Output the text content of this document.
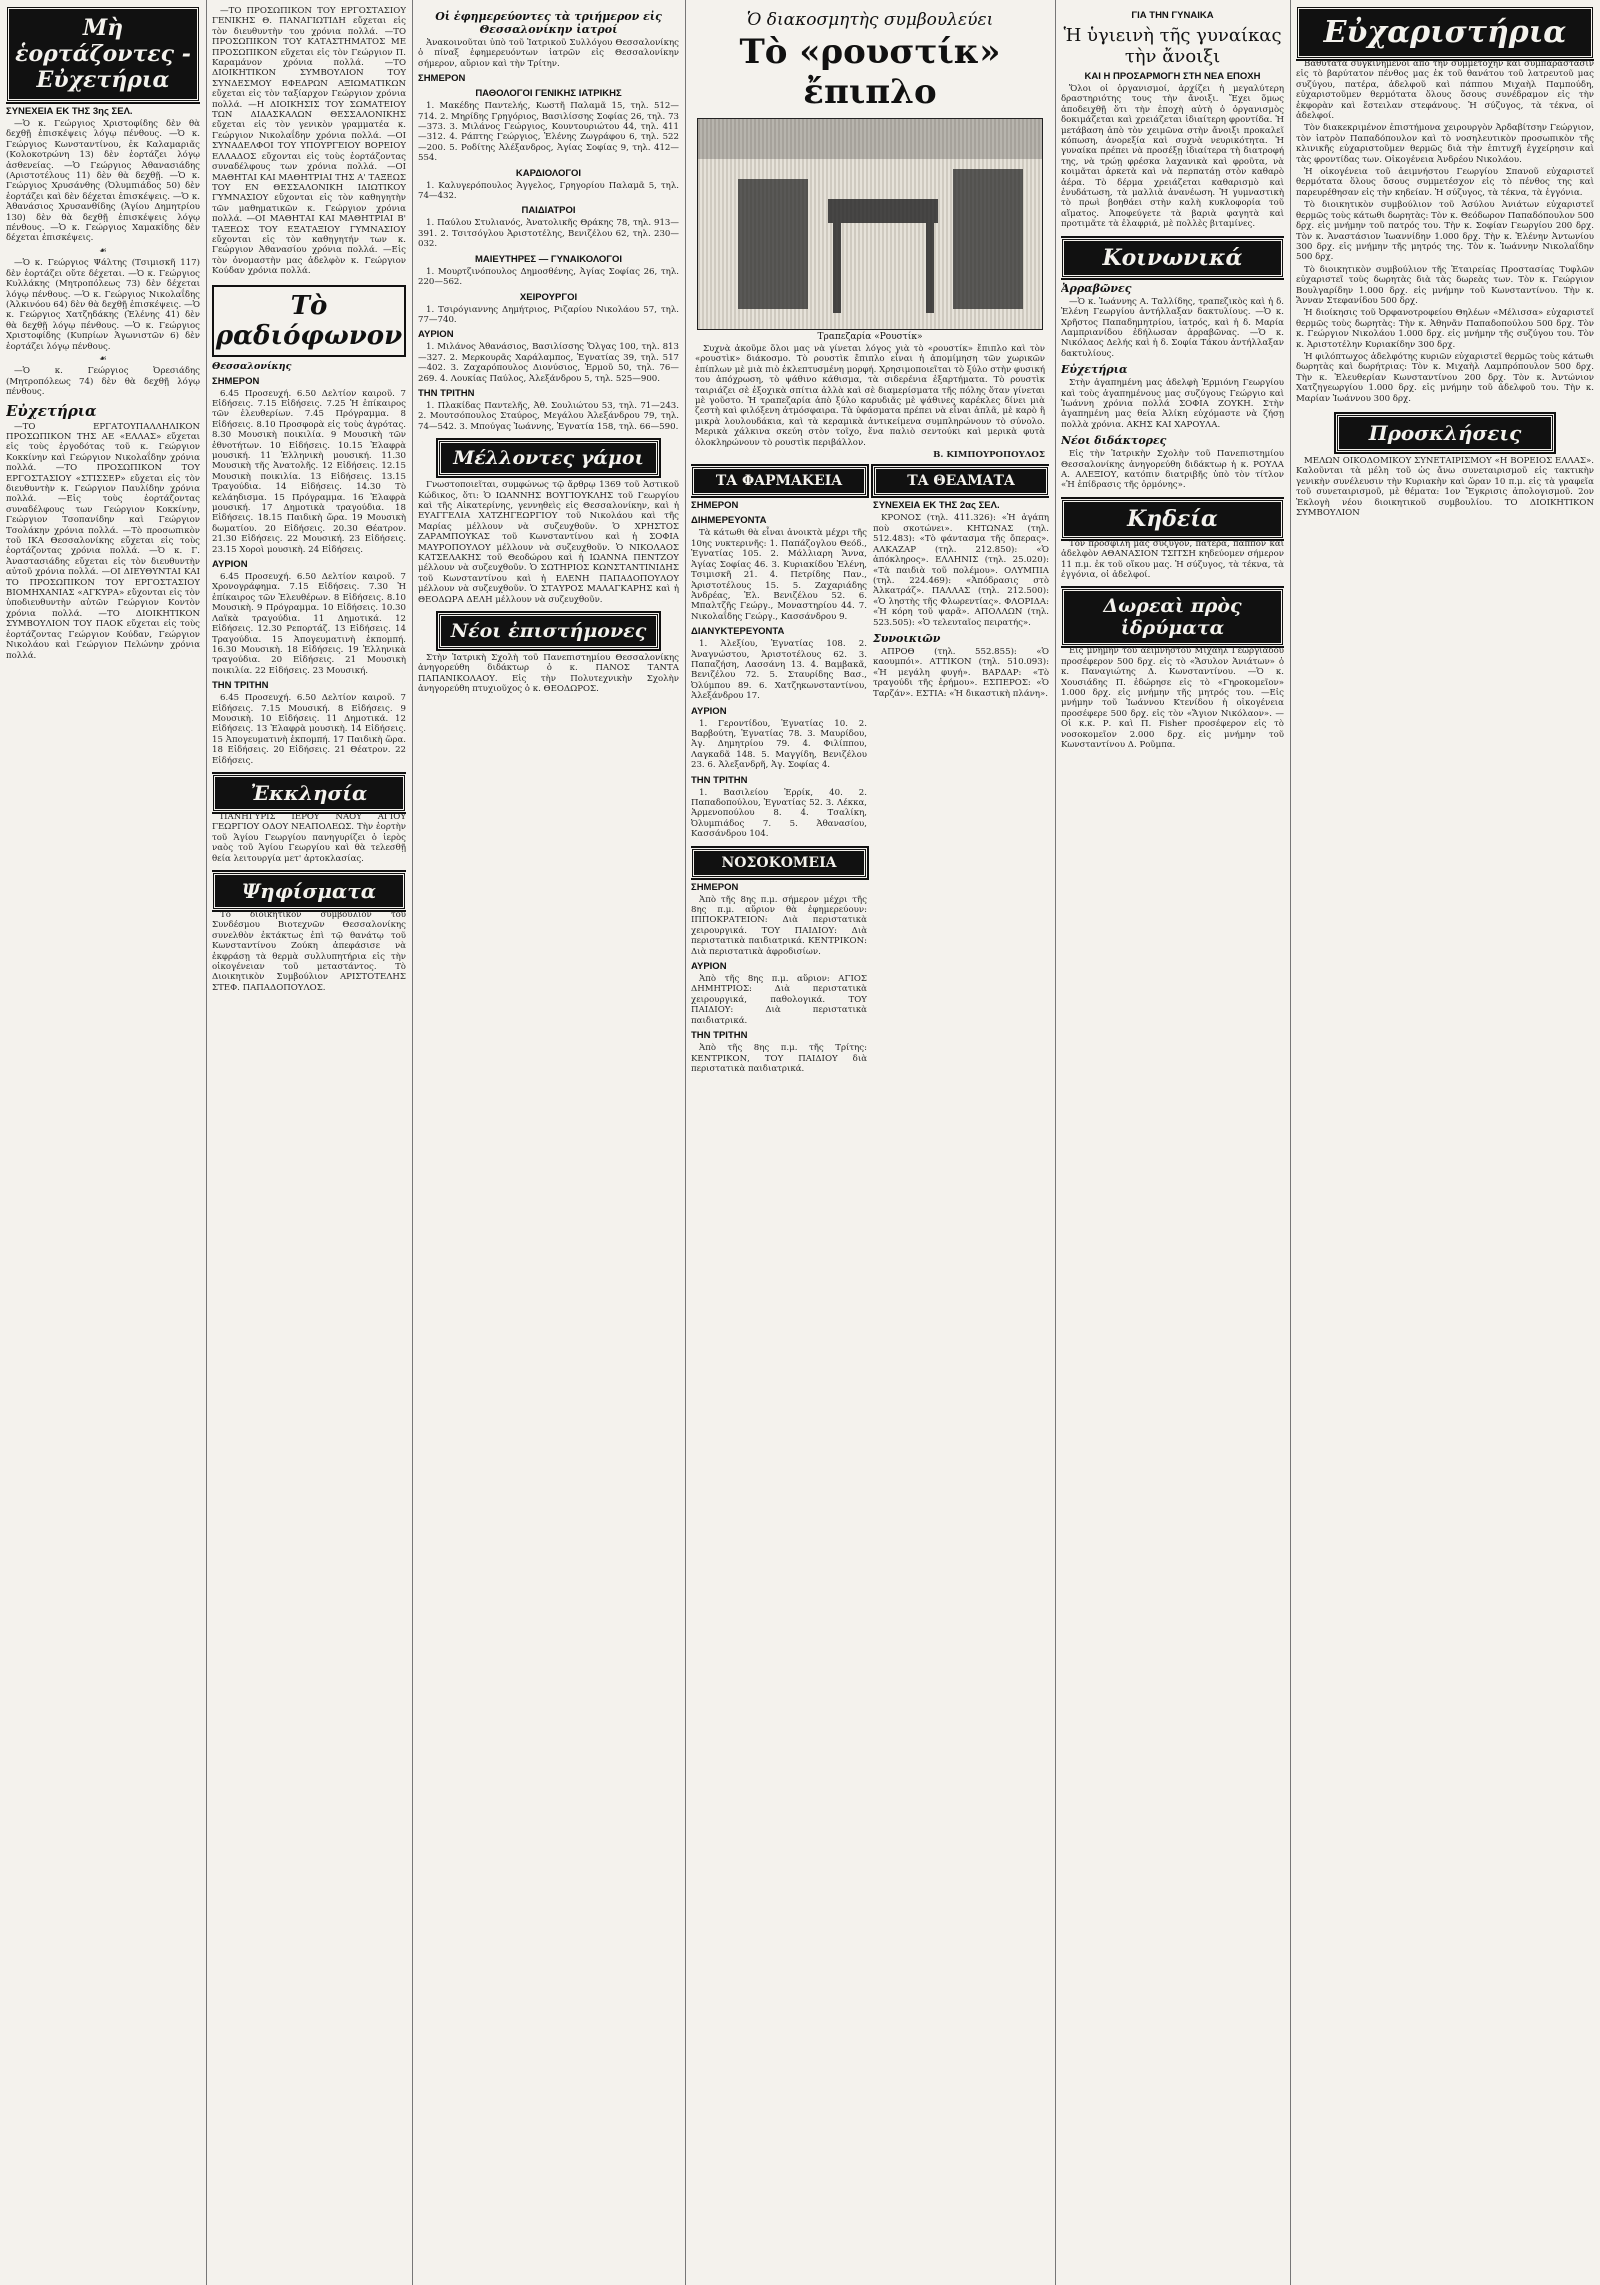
Μὴ ἑορτάζοντες - Εὐχετήρια
ΣΥΝΕΧΕΙΑ ΕΚ ΤΗΣ 3ης ΣΕΛ.

—Ὁ κ. Γεώργιος Χριστοφίδης δὲν θὰ δεχθῇ ἐπισκέψεις λόγῳ πένθους. —Ὁ κ. Γεώργιος Κωνσταντίνου, ἐκ Καλαμαριᾶς (Κολοκοτρώνη 13) δὲν ἑορτάζει λόγῳ ἀσθενείας. —Ὁ Γεώργιος Ἀθανασιάδης (Αριστοτέλους 11) δὲν θὰ δεχθῇ. —Ὁ κ. Γεώργιος Χρυσάνθης (Ὀλυμπιάδος 50) δὲν ἑορτάζει καὶ δὲν δέχεται ἐπισκέψεις. —Ὁ κ. Ἀθανάσιος Χρυσανθίδης (Ἀγίου Δημητρίου 130) δὲν θὰ δεχθῇ ἐπισκέψεις λόγῳ πένθους. —Ὁ κ. Γεώργιος Χαμακίδης δὲν δέχεται ἐπισκέψεις.

☙

—Ὁ κ. Γεώργιος Ψάλτης (Τσιμισκῆ 117) δὲν ἑορτάζει οὔτε δέχεται. —Ὁ κ. Γεώργιος Κυλλάκης (Μητροπόλεως 73) δὲν δέχεται λόγῳ πένθους. —Ὁ κ. Γεώργιος Νικολαΐδης (Ἀλκινόου 64) δὲν θὰ δεχθῇ ἐπισκέψεις. —Ὁ κ. Γεώργιος Χατζηδάκης (Ἑλένης 41) δὲν θὰ δεχθῇ λόγῳ πένθους. —Ὁ κ. Γεώργιος Χριστοφίδης (Κυπρίων Ἀγωνιστῶν 6) δὲν ἑορτάζει λόγῳ πένθους.

☙

—Ὁ κ. Γεώργιος Ὀρεσιάδης (Μητροπόλεως 74) δὲν θὰ δεχθῇ λόγῳ πένθους.

Εὐχετήρια

—ΤΟ ΕΡΓΑΤΟΥΠΑΛΛΗΛΙΚΟΝ ΠΡΟΣΩΠΙΚΟΝ ΤΗΣ ΑΕ «ΕΛΛΑΣ» εὔχεται εἰς τοὺς ἐργοδότας τοῦ κ. Γεώργιον Κοκκίνην καὶ Γεώργιον Νικολαΐδην χρόνια πολλά. —ΤΟ ΠΡΟΣΩΠΙΚΟΝ ΤΟΥ ΕΡΓΟΣΤΑΣΙΟΥ «ΣΤΙΣΣΕΡ» εὔχεται εἰς τὸν διευθυντὴν κ. Γεώργιον Παυλίδην χρόνια πολλά. —Εἰς τοὺς ἑορτάζοντας συναδέλφους των Γεώργιον Κοκκίνην, Γεώργιον Τσοπανίδην καὶ Γεώργιον Τσολάκην χρόνια πολλά. —Τὸ προσωπικὸν τοῦ ΙΚΑ Θεσσαλονίκης εὔχεται εἰς τοὺς ἑορτάζοντας χρόνια πολλά. —Ὁ κ. Γ. Ἀναστασιάδης εὔχεται εἰς τὸν διευθυντὴν αὐτοῦ χρόνια πολλά. —ΟΙ ΔΙΕΥΘΥΝΤΑΙ ΚΑΙ ΤΟ ΠΡΟΣΩΠΙΚΟΝ ΤΟΥ ΕΡΓΟΣΤΑΣΙΟΥ ΒΙΟΜΗΧΑΝΙΑΣ «ΑΓΚΥΡΑ» εὔχονται εἰς τὸν ὑποδιευθυντὴν αὐτῶν Γεώργιον Κοντὸν χρόνια πολλά. —ΤΟ ΔΙΟΙΚΗΤΙΚΟΝ ΣΥΜΒΟΥΛΙΟΝ ΤΟΥ ΠΑΟΚ εὔχεται εἰς τοὺς ἑορτάζοντας Γεώργιον Κούδαν, Γεώργιον Νικολάου καὶ Γεώργιον Πελώνην χρόνια πολλά.

—ΤΟ ΠΡΟΣΩΠΙΚΟΝ ΤΟΥ ΕΡΓΟΣΤΑΣΙΟΥ ΓΕΝΙΚΗΣ Θ. ΠΑΝΑΓΙΩΤΙΔΗ εὔχεται εἰς τὸν διευθυντὴν του χρόνια πολλά. —ΤΟ ΠΡΟΣΩΠΙΚΟΝ ΤΟΥ ΚΑΤΑΣΤΗΜΑΤΟΣ ΜΕ ΠΡΟΣΩΠΙΚΟΝ εὔχεται εἰς τὸν Γεώργιον Π. Καραμάνον χρόνια πολλά. —ΤΟ ΔΙΟΙΚΗΤΙΚΟΝ ΣΥΜΒΟΥΛΙΟΝ ΤΟΥ ΣΥΝΔΕΣΜΟΥ ΕΦΕΔΡΩΝ ΑΞΙΩΜΑΤΙΚΩΝ εὔχεται εἰς τὸν ταξίαρχον Γεώργιον χρόνια πολλά. —Η ΔΙΟΙΚΗΣΙΣ ΤΟΥ ΣΩΜΑΤΕΙΟΥ ΤΩΝ ΔΙΔΑΣΚΑΛΩΝ ΘΕΣΣΑΛΟΝΙΚΗΣ εὔχεται εἰς τὸν γενικὸν γραμματέα κ. Γεώργιον Νικολαΐδην χρόνια πολλά. —ΟΙ ΣΥΝΑΔΕΛΦΟΙ ΤΟΥ ΥΠΟΥΡΓΕΙΟΥ ΒΟΡΕΙΟΥ ΕΛΛΑΔΟΣ εὔχονται εἰς τοὺς ἑορτάζοντας συναδέλφους των χρόνια πολλά. —ΟΙ ΜΑΘΗΤΑΙ ΚΑΙ ΜΑΘΗΤΡΙΑΙ ΤΗΣ Α' ΤΑΞΕΩΣ ΤΟΥ ΕΝ ΘΕΣΣΑΛΟΝΙΚΗ ΙΔΙΩΤΙΚΟΥ ΓΥΜΝΑΣΙΟΥ εὔχονται εἰς τὸν καθηγητὴν τῶν μαθηματικῶν κ. Γεώργιον χρόνια πολλά. —ΟΙ ΜΑΘΗΤΑΙ ΚΑΙ ΜΑΘΗΤΡΙΑΙ Β' ΤΑΞΕΩΣ ΤΟΥ ΕΞΑΤΑΞΙΟΥ ΓΥΜΝΑΣΙΟΥ εὔχονται εἰς τὸν καθηγητήν των κ. Γεώργιον Ἀθανασίου χρόνια πολλά. —Εἰς τὸν ὀνομαστὴν μας ἀδελφὸν κ. Γεώργιον Κούδαν χρόνια πολλά.

Τὸ ραδιόφωνον
Θεσσαλονίκης
ΣΗΜΕΡΟΝ

6.45 Προσευχή. 6.50 Δελτίον καιροῦ. 7 Εἰδήσεις. 7.15 Εἰδήσεις. 7.25 Ἡ ἐπίκαιρος τῶν ἐλευθερίων. 7.45 Πρόγραμμα. 8 Εἰδήσεις. 8.10 Προσφορὰ εἰς τοὺς ἀγρότας. 8.30 Μουσικὴ ποικιλία. 9 Μουσικὴ τῶν ἐθνοτήτων. 10 Εἰδήσεις. 10.15 Ἐλαφρὰ μουσική. 11 Ἑλληνικὴ μουσική. 11.30 Μουσικὴ τῆς Ἀνατολῆς. 12 Εἰδήσεις. 12.15 Μουσικὴ ποικιλία. 13 Εἰδήσεις. 13.15 Τραγούδια. 14 Εἰδήσεις. 14.30 Τὸ κελάηδισμα. 15 Πρόγραμμα. 16 Ἐλαφρὰ μουσική. 17 Δημοτικὰ τραγούδια. 18 Εἰδήσεις. 18.15 Παιδικὴ ὥρα. 19 Μουσικὴ δωματίου. 20 Εἰδήσεις. 20.30 Θέατρον. 21.30 Εἰδήσεις. 22 Μουσική. 23 Εἰδήσεις. 23.15 Χοροὶ μουσικὴ. 24 Εἰδήσεις.

ΑΥΡΙΟΝ

6.45 Προσευχή. 6.50 Δελτίον καιροῦ. 7 Χρονογράφημα. 7.15 Εἰδήσεις. 7.30 Ἡ ἐπίκαιρος τῶν Ἐλευθέρων. 8 Εἰδήσεις. 8.10 Μουσικὴ. 9 Πρόγραμμα. 10 Εἰδήσεις. 10.30 Λαϊκὰ τραγούδια. 11 Δημοτικά. 12 Εἰδήσεις. 12.30 Ρεπορτάζ. 13 Εἰδήσεις. 14 Τραγούδια. 15 Ἀπογευματινὴ ἐκπομπή. 16.30 Μουσικὴ. 18 Εἰδήσεις. 19 Ἑλληνικὰ τραγούδια. 20 Εἰδήσεις. 21 Μουσικὴ ποικιλία. 22 Εἰδήσεις. 23 Μουσική.

ΤΗΝ ΤΡΙΤΗΝ

6.45 Προσευχή. 6.50 Δελτίον καιροῦ. 7 Εἰδήσεις. 7.15 Μουσική. 8 Εἰδήσεις. 9 Μουσικὴ. 10 Εἰδήσεις. 11 Δημοτικά. 12 Εἰδήσεις. 13 Ἐλαφρὰ μουσικὴ. 14 Εἰδήσεις. 15 Ἀπογευματινὴ ἐκπομπή. 17 Παιδικὴ ὥρα. 18 Εἰδήσεις. 20 Εἰδήσεις. 21 Θέατρον. 22 Εἰδήσεις.

Ἐκκλησία

ΠΑΝΗΓΥΡΙΣ ΙΕΡΟΥ ΝΑΟΥ ΑΓΙΟΥ ΓΕΩΡΓΙΟΥ ΟΔΟΥ ΝΕΑΠΟΛΕΩΣ. Τὴν ἐορτὴν τοῦ Ἁγίου Γεωργίου πανηγυρίζει ὁ ἱερὸς ναὸς τοῦ Ἁγίου Γεωργίου καὶ θὰ τελεσθῇ θεία λειτουργία μετ' ἀρτοκλασίας.

Ψηφίσματα

Τὸ διοικητικὸν συμβούλιον τοῦ Συνδέσμου Βιοτεχνῶν Θεσσαλονίκης συνελθὸν ἐκτάκτως ἐπὶ τῷ θανάτῳ τοῦ Κωνσταντίνου Ζούκη ἀπεφάσισε νὰ ἐκφράσῃ τὰ θερμὰ συλλυπητήρια εἰς τὴν οἰκογένειαν τοῦ μεταστάντος. Τὸ Διοικητικὸν Συμβούλιον ΑΡΙΣΤΟΤΕΛΗΣ ΣΤΕΦ. ΠΑΠΑΔΟΠΟΥΛΟΣ.

Οἱ ἐφημερεύοντες τὰ τριήμερον εἰς Θεσσαλονίκην ἰατροί

Ἀνακοινοῦται ὑπὸ τοῦ Ἰατρικοῦ Συλλόγου Θεσσαλονίκης ὁ πίναξ ἐφημερευόντων ἰατρῶν εἰς Θεσσαλονίκην σήμερον, αὔριον καὶ τὴν Τρίτην.

ΣΗΜΕΡΟΝ
ΠΑΘΟΛΟΓΟΙ ΓΕΝΙΚΗΣ ΙΑΤΡΙΚΗΣ

1. Μακέδης Παντελής, Κωστῆ Παλαμᾶ 15, τηλ. 512—714. 2. Μηρίδης Γρηγόριος, Βασιλίσσης Σοφίας 26, τηλ. 73—373. 3. Μιλάνος Γεώργιος, Κουντουριώτου 44, τηλ. 411—312. 4. Ράπτης Γεώργιος, Ἐλένης Ζωγράφου 6, τηλ. 522—200. 5. Ροδίτης Ἀλέξανδρος, Ἀγίας Σοφίας 9, τηλ. 412—554.

ΚΑΡΔΙΟΛΟΓΟΙ

1. Καλυγερόπουλος Ἀγγελος, Γρηγορίου Παλαμᾶ 5, τηλ. 74—432.

ΠΑΙΔΙΑΤΡΟΙ

1. Παύλου Στυλιανός, Ἀνατολικῆς Θράκης 78, τηλ. 913—391. 2. Τσιτσόγλου Ἀριστοτέλης, Βενιζέλου 62, τηλ. 230—032.

ΜΑΙΕΥΤΗΡΕΣ — ΓΥΝΑΙΚΟΛΟΓΟΙ

1. Μουρτζινόπουλος Δημοσθένης, Ἀγίας Σοφίας 26, τηλ. 220—562.

ΧΕΙΡΟΥΡΓΟΙ

1. Τσιρόγιαννης Δημήτριος, Ριζαρίου Νικολάου 57, τηλ. 77—740.

ΑΥΡΙΟΝ

1. Μιλάνος Ἀθανάσιος, Βασιλίσσης Ὄλγας 100, τηλ. 813—327. 2. Μερκουρᾶς Χαράλαμπος, Ἐγνατίας 39, τηλ. 517—402. 3. Ζαχαρόπουλος Διονύσιος, Ἑρμοῦ 50, τηλ. 76—269. 4. Λουκίας Παύλος, Ἀλεξάνδρου 5, τηλ. 525—900.

ΤΗΝ ΤΡΙΤΗΝ

1. Πλακίδας Παντελῆς, Ἀθ. Σουλιώτου 53, τηλ. 71—243. 2. Μουτσόπουλος Σταύρος, Μεγάλου Ἀλεξάνδρου 79, τηλ. 74—542. 3. Μπούγας Ἰωάννης, Ἐγνατία 158, τηλ. 66—590.

Μέλλοντες γάμοι

Γνωστοποιεῖται, συμφώνως τῷ ἄρθρῳ 1369 τοῦ Ἀστικοῦ Κώδικος, ὅτι: Ὁ ΙΩΑΝΝΗΣ ΒΟΥΓΙΟΥΚΛΗΣ τοῦ Γεωργίου καὶ τῆς Αἰκατερίνης, γεννηθεὶς εἰς Θεσσαλονίκην, καὶ ἡ ΕΥΑΓΓΕΛΙΑ ΧΑΤΖΗΓΕΩΡΓΙΟΥ τοῦ Νικολάου καὶ τῆς Μαρίας μέλλουν νὰ συζευχθοῦν. Ὁ ΧΡΗΣΤΟΣ ΖΑΡΑΜΠΟΥΚΑΣ τοῦ Κωνσταντίνου καὶ ἡ ΣΟΦΙΑ ΜΑΥΡΟΠΟΥΛΟΥ μέλλουν νὰ συζευχθοῦν. Ὁ ΝΙΚΟΛΑΟΣ ΚΑΤΣΕΛΑΚΗΣ τοῦ Θεοδώρου καὶ ἡ ΙΩΑΝΝΑ ΠΕΝΤΖΟΥ μέλλουν νὰ συζευχθοῦν. Ὁ ΣΩΤΗΡΙΟΣ ΚΩΝΣΤΑΝΤΙΝΙΔΗΣ τοῦ Κωνσταντίνου καὶ ἡ ΕΛΕΝΗ ΠΑΠΑΔΟΠΟΥΛΟΥ μέλλουν νὰ συζευχθοῦν. Ὁ ΣΤΑΥΡΟΣ ΜΑΛΑΓΚΑΡΗΣ καὶ ἡ ΘΕΟΔΩΡΑ ΔΕΛΗ μέλλουν νὰ συζευχθοῦν.

Νέοι ἐπιστήμονες

Στὴν Ἰατρικὴ Σχολὴ τοῦ Πανεπιστημίου Θεσσαλονίκης ἀνηγορεύθη διδάκτωρ ὁ κ. ΠΑΝΟΣ ΤΑΝΤΑ ΠΑΠΑΝΙΚΟΛΑΟΥ. Εἰς τὴν Πολυτεχνικὴν Σχολὴν ἀνηγορεύθη πτυχιοῦχος ὁ κ. ΘΕΟΔΩΡΟΣ.

Ὁ διακοσμητὴς συμβουλεύει
Τὸ «ρουστίκ» ἔπιπλο
Τραπεζαρία «Ρουστίκ»

Συχνὰ ἀκοῦμε ὅλοι μας νὰ γίνεται λόγος γιὰ τὸ «ρουστίκ» ἔπιπλο καὶ τὸν «ρουστὶκ» διάκοσμο. Τὸ ρουστὶκ ἔπιπλο εἶναι ἡ ἀπομίμηση τῶν χωρικῶν ἐπίπλων μὲ μιὰ πιὸ ἐκλεπτυσμένη μορφή. Χρησιμοποιεῖται τὸ ξύλο στὴν φυσική του ἀπόχρωση, τὸ ψάθινο κάθισμα, τὰ σιδερένια ἐξαρτήματα. Τὸ ρουστὶκ ταιριάζει σὲ ἐξοχικὰ σπίτια ἀλλὰ καὶ σὲ διαμερίσματα τῆς πόλης ὅταν γίνεται μὲ γοῦστο. Ἡ τραπεζαρία ἀπὸ ξύλο καρυδιᾶς μὲ ψάθινες καρέκλες δίνει μιὰ ζεστὴ καὶ φιλόξενη ἀτμόσφαιρα. Τὰ ὑφάσματα πρέπει νὰ εἶναι ἁπλᾶ, μὲ καρὸ ἢ μικρὰ λουλουδάκια, καὶ τὰ κεραμικὰ ἀντικείμενα συμπληρώνουν τὸ σύνολο. Μερικὰ χάλκινα σκεύη στὸν τοῖχο, ἕνα παλιὸ σεντούκι καὶ μερικὰ φυτὰ ὁλοκληρώνουν τὸ ρουστὶκ περιβάλλον.

Β. ΚΙΜΠΟΥΡΟΠΟΥΛΟΣ
ΤΑ ΦΑΡΜΑΚΕΙΑ
ΣΗΜΕΡΟΝ
ΔΙΗΜΕΡΕΥΟΝΤΑ

Τὰ κάτωθι θὰ εἶναι ἀνοικτὰ μέχρι τῆς 10ης νυκτερινῆς: 1. Παπάζογλου Θεόδ., Ἐγνατίας 105. 2. Μάλλιαρη Ἄννα, Ἀγίας Σοφίας 46. 3. Κυριακίδου Ἑλένη, Τσιμισκῆ 21. 4. Πετρίδης Παν., Ἀριστοτέλους 15. 5. Ζαχαριάδης Ἀνδρέας, Ἐλ. Βενιζέλου 52. 6. Μπαλτζῆς Γεώργ., Μοναστηρίου 44. 7. Νικολαΐδης Γεώργ., Κασσάνδρου 9.

ΔΙΑΝΥΚΤΕΡΕΥΟΝΤΑ

1. Ἀλεξίου, Ἐγνατίας 108. 2. Ἀναγνώστου, Ἀριστοτέλους 62. 3. Παπαζήση, Λασσάνη 13. 4. Βαμβακᾶ, Βενιζέλου 72. 5. Σταυρίδης Βασ., Ὀλύμπου 89. 6. Χατζηκωνσταντίνου, Ἀλεξάνδρου 17.

ΑΥΡΙΟΝ

1. Γεροντίδου, Ἐγνατίας 10. 2. Βαρβούτη, Ἐγνατίας 78. 3. Μαυρίδου, Ἀγ. Δημητρίου 79. 4. Φιλίππου, Λαγκαδᾶ 148. 5. Μαγγίδη, Βενιζέλου 23. 6. Ἀλεξανδρῆ, Ἀγ. Σοφίας 4.

ΤΗΝ ΤΡΙΤΗΝ

1. Βασιλείου Ἐρρίκ, 40. 2. Παπαδοπούλου, Ἐγνατίας 52. 3. Λέκκα, Ἀρμενοπούλου 8. 4. Τσαλίκη, Ὀλυμπιάδος 7. 5. Ἀθανασίου, Κασσάνδρου 104.

ΝΟΣΟΚΟΜΕΙΑ
ΣΗΜΕΡΟΝ

Ἀπὸ τῆς 8ης π.μ. σήμερον μέχρι τῆς 8ης π.μ. αὔριον θὰ ἐφημερεύουν: ΙΠΠΟΚΡΑΤΕΙΟΝ: Διὰ περιστατικὰ χειρουργικά. ΤΟΥ ΠΑΙΔΙΟΥ: Διὰ περιστατικὰ παιδιατρικά. ΚΕΝΤΡΙΚΟΝ: Διὰ περιστατικὰ ἀφροδισίων.

ΑΥΡΙΟΝ

Ἀπὸ τῆς 8ης π.μ. αὔριον: ΑΓΙΟΣ ΔΗΜΗΤΡΙΟΣ: Διὰ περιστατικὰ χειρουργικά, παθολογικά. ΤΟΥ ΠΑΙΔΙΟΥ: Διὰ περιστατικὰ παιδιατρικά.

ΤΗΝ ΤΡΙΤΗΝ

Ἀπὸ τῆς 8ης π.μ. τῆς Τρίτης: ΚΕΝΤΡΙΚΟΝ, ΤΟΥ ΠΑΙΔΙΟΥ διὰ περιστατικὰ παιδιατρικά.

ΤΑ ΘΕΑΜΑΤΑ
ΣΥΝΕΧΕΙΑ ΕΚ ΤΗΣ 2ας ΣΕΛ.

ΚΡΟΝΟΣ (τηλ. 411.326): «Ἡ ἀγάπη ποὺ σκοτώνει». ΚΗΤΩΝΑΣ (τηλ. 512.483): «Τὸ φάντασμα τῆς ὄπερας». ΑΛΚΑΖΑΡ (τηλ. 212.850): «Ὁ ἀπόκληρος». ΕΛΛΗΝΙΣ (τηλ. 25.020): «Τὰ παιδιὰ τοῦ πολέμου». ΟΛΥΜΠΙΑ (τηλ. 224.469): «Ἀπόδρασις στὸ Ἀλκατράζ». ΠΑΛΛΑΣ (τηλ. 212.500): «Ὁ ληστὴς τῆς Φλωρεντίας». ΦΛΟΡΙΔΑ: «Ἡ κόρη τοῦ ψαρᾶ». ΑΠΟΛΛΩΝ (τηλ. 523.505): «Ὁ τελευταῖος πειρατής».

Συνοικιῶν

ΑΠΡΟΘ (τηλ. 552.855): «Ὁ καουμπόι». ΑΤΤΙΚΟΝ (τηλ. 510.093): «Ἡ μεγάλη φυγή». ΒΑΡΔΑΡ: «Τὸ τραγούδι τῆς ἐρήμου». ΕΣΠΕΡΟΣ: «Ὁ Ταρζάν». ΕΣΤΙΑ: «Ἡ δικαστικὴ πλάνη».

ΓΙΑ ΤΗΝ ΓΥΝΑΙΚΑ
Ἡ ὑγιεινὴ τῆς γυναίκας τὴν ἄνοιξι
ΚΑΙ Η ΠΡΟΣΑΡΜΟΓΗ ΣΤΗ ΝΕΑ ΕΠΟΧΗ

Ὅλοι οἱ ὀργανισμοί, ἀρχίζει ἡ μεγαλύτερη δραστηριότης τους τὴν ἄνοιξι. Ἔχει ὅμως ἀποδειχθῇ ὅτι τὴν ἐποχὴ αὐτὴ ὁ ὀργανισμὸς δοκιμάζεται καὶ χρειάζεται ἰδιαίτερη φροντίδα. Ἡ μετάβαση ἀπὸ τὸν χειμῶνα στὴν ἄνοιξι προκαλεῖ κόπωση, ἀνορεξία καὶ συχνὰ νευρικότητα. Ἡ γυναίκα πρέπει νὰ προσέξῃ ἰδιαίτερα τὴ διατροφή της, νὰ τρώῃ φρέσκα λαχανικὰ καὶ φροῦτα, νὰ κοιμᾶται ἀρκετὰ καὶ νὰ περπατάῃ στὸν καθαρὸ ἀέρα. Τὸ δέρμα χρειάζεται καθαρισμὸ καὶ ἐνυδάτωση, τὰ μαλλιὰ ἀνανέωση. Ἡ γυμναστικὴ τὸ πρωὶ βοηθάει στὴν καλὴ κυκλοφορία τοῦ αἵματος. Ἀποφεύγετε τὰ βαριὰ φαγητὰ καὶ προτιμᾶτε τὰ ἐλαφριά, μὲ πολλὲς βιταμίνες.

Κοινωνικά
Ἀρραβῶνες

—Ὁ κ. Ἰωάννης Α. Ταλλίδης, τραπεζικὸς καὶ ἡ δ. Ἑλένη Γεωργίου ἀντήλλαξαν δακτυλίους. —Ὁ κ. Χρῆστος Παπαδημητρίου, ἰατρός, καὶ ἡ δ. Μαρία Λαμπριανίδου ἐδήλωσαν ἀρραβῶνας. —Ὁ κ. Νικόλαος Δελής καὶ ἡ δ. Σοφία Τάκου ἀντήλλαξαν δακτυλίους.

Εὐχετήρια

Στὴν ἀγαπημένη μας ἀδελφὴ Ἐρμιόνη Γεωργίου καὶ τοὺς ἀγαπημένους μας συζύγους Γεώργιο καὶ Ἰωάννη χρόνια πολλά ΣΟΦΙΑ ΖΟΥΚΗ. Στὴν ἀγαπημένη μας θεία Ἀλίκη εὐχόμαστε νὰ ζήσῃ πολλὰ χρόνια. ΑΚΗΣ ΚΑΙ ΧΑΡΟΥΛΑ.

Νέοι διδάκτορες

Εἰς τὴν Ἰατρικὴν Σχολὴν τοῦ Πανεπιστημίου Θεσσαλονίκης ἀνηγορεύθη διδάκτωρ ἡ κ. ΡΟΥΛΑ Α. ΑΛΕΞΙΟΥ, κατόπιν διατριβῆς ὑπὸ τὸν τίτλον «Ἡ ἐπίδρασις τῆς ὀρμόνης».

Κηδεία

Τὸν προσφιλῆ μας σύζυγον, πατέρα, πάππον καὶ ἀδελφὸν ΑΘΑΝΑΣΙΟΝ ΤΣΙΤΣΗ κηδεύομεν σήμερον 11 π.μ. ἐκ τοῦ οἴκου μας. Ἡ σύζυγος, τὰ τέκνα, τὰ ἐγγόνια, οἱ ἀδελφοί.

Δωρεαὶ πρὸς ἱδρύματα

Εἰς μνήμην τοῦ ἀειμνήστου Μιχαὴλ Γεωργιάδου προσέφερον 500 δρχ. εἰς τὸ «Ἄσυλον Ἀνιάτων» ὁ κ. Παναγιώτης Δ. Κωνσταντίνου. —Ὁ κ. Χουσιάδης Π. ἐδώρησε εἰς τὸ «Γηροκομεῖον» 1.000 δρχ. εἰς μνήμην τῆς μητρός του. —Εἰς μνήμην τοῦ Ἰωάννου Κτενίδου ἡ οἰκογένεια προσέφερε 500 δρχ. εἰς τὸν «Ἄγιον Νικόλαον». —Οἱ κ.κ. Ρ. καὶ Π. Fisher προσέφερον εἰς τὸ νοσοκομεῖον 2.000 δρχ. εἰς μνήμην τοῦ Κωνσταντίνου Δ. Ροῦμπα.

Εὐχαριστήρια

Βαθύτατα συγκινημένοι ἀπὸ τὴν συμμετοχὴν καὶ συμπαράστασιν εἰς τὸ βαρύτατον πένθος μας ἐκ τοῦ θανάτου τοῦ λατρευτοῦ μας συζύγου, πατέρα, ἀδελφοῦ καὶ πάππου Μιχαὴλ Παμπούδη, εὐχαριστοῦμεν θερμότατα ὅλους ὅσους συνέδραμον εἰς τὴν ἐκφορὰν καὶ ἔστειλαν στεφάνους. Ἡ σύζυγος, τὰ τέκνα, οἱ ἀδελφοί.

Τὸν διακεκριμένον ἐπιστήμονα χειρουργὸν Ἀρδαβίτσην Γεώργιον, τὸν ἰατρὸν Παπαδόπουλον καὶ τὸ νοσηλευτικὸν προσωπικὸν τῆς κλινικῆς εὐχαριστοῦμεν θερμῶς διὰ τὴν ἐπιτυχῆ ἐγχείρησιν καὶ τὰς φροντίδας των. Οἰκογένεια Ἀνδρέου Νικολάου.

Ἡ οἰκογένεια τοῦ ἀειμνήστου Γεωργίου Σπανοῦ εὐχαριστεῖ θερμότατα ὅλους ὅσους συμμετέσχον εἰς τὸ πένθος της καὶ παρευρέθησαν εἰς τὴν κηδείαν. Ἡ σύζυγος, τὰ τέκνα, τὰ ἐγγόνια.

Τὸ διοικητικὸν συμβούλιον τοῦ Ἀσύλου Ἀνιάτων εὐχαριστεῖ θερμῶς τοὺς κάτωθι δωρητὰς: Τὸν κ. Θεόδωρον Παπαδόπουλον 500 δρχ. εἰς μνήμην τοῦ πατρός του. Τὴν κ. Σοφίαν Γεωργίου 200 δρχ. Τὸν κ. Ἀναστάσιον Ἰωαννίδην 1.000 δρχ. Τὴν κ. Ἑλένην Ἀντωνίου 300 δρχ. εἰς μνήμην τῆς μητρός της. Τὸν κ. Ἰωάννην Νικολαΐδην 500 δρχ.

Τὸ διοικητικὸν συμβούλιον τῆς Ἑταιρείας Προστασίας Τυφλῶν εὐχαριστεῖ τοὺς δωρητὰς διὰ τὰς δωρεὰς των. Τὸν κ. Γεώργιον Βουλγαρίδην 1.000 δρχ. εἰς μνήμην τοῦ Κωνσταντίνου. Τὴν κ. Ἄνναν Στεφανίδου 500 δρχ.

Ἡ διοίκησις τοῦ Ὀρφανοτροφείου Θηλέων «Μέλισσα» εὐχαριστεῖ θερμῶς τοὺς δωρητὰς: Τὴν κ. Ἀθηνᾶν Παπαδοπούλου 500 δρχ. Τὸν κ. Γεώργιον Νικολάου 1.000 δρχ. εἰς μνήμην τῆς συζύγου του. Τὸν κ. Ἀριστοτέλην Κυριακίδην 300 δρχ.

Ἡ φιλόπτωχος ἀδελφότης κυριῶν εὐχαριστεῖ θερμῶς τοὺς κάτωθι δωρητὰς καὶ δωρήτριας: Τὸν κ. Μιχαὴλ Λαμπρόπουλον 500 δρχ. Τὴν κ. Ἐλευθερίαν Κωνσταντίνου 200 δρχ. Τὸν κ. Ἀντώνιον Χατζηγεωργίου 1.000 δρχ. εἰς μνήμην τοῦ ἀδελφοῦ του. Τὴν κ. Μαρίαν Ἰωάννου 300 δρχ.

Προσκλήσεις

ΜΕΛΩΝ ΟΙΚΟΔΟΜΙΚΟΥ ΣΥΝΕΤΑΙΡΙΣΜΟΥ «Η ΒΟΡΕΙΟΣ ΕΛΛΑΣ». Καλοῦνται τὰ μέλη τοῦ ὡς ἄνω συνεταιρισμοῦ εἰς τακτικὴν γενικὴν συνέλευσιν τὴν Κυριακὴν καὶ ὥραν 10 π.μ. εἰς τὰ γραφεῖα τοῦ συνεταιρισμοῦ, μὲ θέματα: 1ον Ἔγκρισις ἀπολογισμοῦ. 2ον Ἐκλογὴ νέου διοικητικοῦ συμβουλίου. ΤΟ ΔΙΟΙΚΗΤΙΚΟΝ ΣΥΜΒΟΥΛΙΟΝ
